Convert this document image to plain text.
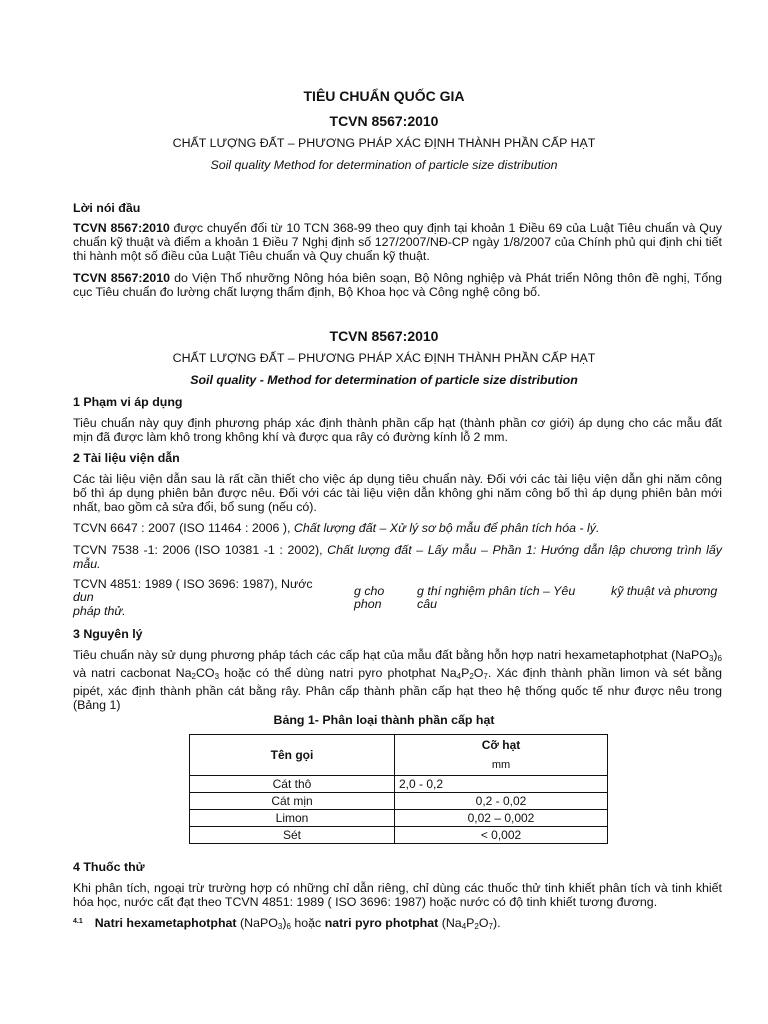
TIÊU CHUẨN QUỐC GIA
TCVN 8567:2010
CHẤT LƯỢNG ĐẤT – PHƯƠNG PHÁP XÁC ĐỊNH THÀNH PHẦN CẤP HẠT
Soil quality Method for determination of particle size distribution
Lời nói đầu
TCVN 8567:2010 được chuyển đổi từ 10 TCN 368-99 theo quy định tại khoản 1 Điều 69 của Luật Tiêu chuẩn và Quy chuẩn kỹ thuật và điểm a khoản 1 Điều 7 Nghị định số 127/2007/NĐ-CP ngày 1/8/2007 của Chính phủ qui định chi tiết thi hành một số điều của Luật Tiêu chuẩn và Quy chuẩn kỹ thuật.
TCVN 8567:2010 do Viện Thổ nhưỡng Nông hóa biên soạn, Bộ Nông nghiệp và Phát triển Nông thôn đề nghị, Tổng cục Tiêu chuẩn đo lường chất lượng thẩm định, Bộ Khoa học và Công nghệ công bố.
TCVN 8567:2010
CHẤT LƯỢNG ĐẤT – PHƯƠNG PHÁP XÁC ĐỊNH THÀNH PHẦN CẤP HẠT
Soil quality - Method for determination of particle size distribution
1 Phạm vi áp dụng
Tiêu chuẩn này quy định phương pháp xác định thành phần cấp hạt (thành phần cơ giới) áp dụng cho các mẫu đất mịn đã được làm khô trong không khí và được qua rây có đường kính lỗ 2 mm.
2 Tài liệu viện dẫn
Các tài liệu viện dẫn sau là rất cần thiết cho việc áp dụng tiêu chuẩn này. Đối với các tài liệu viện dẫn ghi năm công bố thì áp dụng phiên bản được nêu. Đối với các tài liệu viện dẫn không ghi năm công bố thì áp dụng phiên bản mới nhất, bao gồm cả sửa đổi, bổ sung (nếu có).
TCVN 6647 : 2007 (ISO 11464 : 2006 ), Chất lượng đất – Xử lý sơ bộ mẫu để phân tích hóa - lý.
TCVN 7538 -1: 2006 (ISO 10381 -1 : 2002), Chất lượng đất – Lấy mẫu – Phần 1: Hướng dẫn lập chương trình lấy mẫu.
TCVN 4851: 1989 ( ISO 3696: 1987), Nước
dun	g cho
phon
g thí nghiệm phân tích – Yêu
câu
kỹ thuật và phương
pháp thử.
3 Nguyên lý
Tiêu chuẩn này sử dụng phương pháp tách các cấp hạt của mẫu đất bằng hỗn hợp natri hexametaphotphat $(NaPO_3)_6$ và natri cacbonat $Na_2CO_3$ hoặc có thể dùng natri pyro photphat $Na_4P_2O_7$. Xác định thành phần limon và sét bằng pipét, xác định thành phần cát bằng rây. Phân cấp thành phần cấp hạt theo hệ thống quốc tế như được nêu trong (Bảng 1)
Bảng 1- Phân loại thành phần cấp hạt
Tên gọi	Cỡ hạt
mm

Cát thô	2,0 - 0,2
Cát mịn	0,2 - 0,02
Limon	0,02 – 0,002
Sét	< 0,002
4 Thuốc thử
Khi phân tích, ngoại trừ trường hợp có những chỉ dẫn riêng, chỉ dùng các thuốc thử tinh khiết phân tích và tinh khiết hóa học, nước cất đạt theo TCVN 4851: 1989 ( ISO 3696: 1987) hoặc nước có độ tinh khiết tương đương.
$^{4.1}$ Natri hexametaphotphat $(NaPO_3)_6$ hoặc natri pyro photphat $(Na_4P_2O_7)$.
